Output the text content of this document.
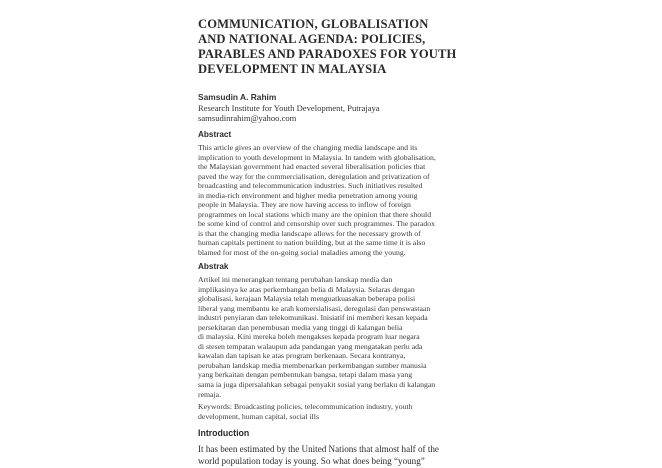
COMMUNICATION, GLOBALISATION
AND NATIONAL AGENDA: POLICIES,
PARABLES AND PARADOXES FOR YOUTH
DEVELOPMENT IN MALAYSIA
Samsudin A. Rahim
Research Institute for Youth Development, Putrajaya
samsudinrahim@yahoo.com
Abstract
This article gives an overview of the changing media landscape and its
implication to youth development in Malaysia. In tandem with globalisation,
the Malaysian government had enacted several liberalisation policies that
paved the way for the commercialisation, deregulation and privatization of
broadcasting and telecommunication industries. Such initiatives resulted
in media-rich environment and higher media penetration among young
people in Malaysia. They are now having access to inflow of foreign
programmes on local stations which many are the opinion that there should
be some kind of control and censorship over such programmes. The paradox
is that the changing media landscape allows for the necessary growth of
human capitals pertinent to nation building, but at the same time it is also
blamed for most of the on-going social maladies among the young.
Abstrak
Artikel ini menerangkan tentang perubahan lanskap media dan
implikasinya ke atas perkembangan belia di Malaysia. Selaras dengan
globalisasi, kerajaan Malaysia telah menguatkuasakan beberapa polisi
liberal yang membantu ke arah komersialisasi, deregulasi dan penswastaan
industri penyiaran dan telekomunikasi. Inisiatif ini memberi kesan kepada
persekitaran dan penembusan media yang tinggi di kalangan belia
di malaysia. Kini mereka boleh mengakses kepada program luar negara
di stesen tempatan walaupun ada pandangan yang mengatakan perlu ada
kawalan dan tapisan ke atas program berkenaan. Secara kontranya,
perubahan landskap media membenarkan perkembangan sumber manusia
yang berkaitan dengan pembentukan bangsa, tetapi dalam masa yang
sama ia juga dipersalahkan sebagai penyakit sosial yang berlaku di kalangan
remaja.
Keywords: Broadcasting policies, telecommunication industry, youth
development, human capital, social ills
Introduction
It has been estimated by the United Nations that almost half of the
world population today is young. So what does being “young”
